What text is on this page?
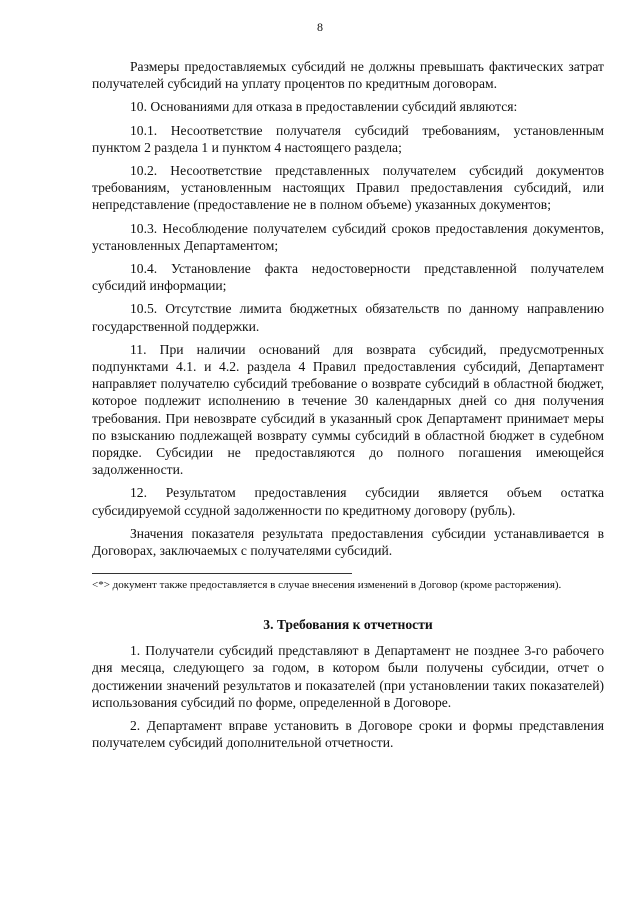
8

Размеры предоставляемых субсидий не должны превышать фактических затрат получателей субсидий на уплату процентов по кредитным договорам.

10. Основаниями для отказа в предоставлении субсидий являются:

10.1. Несоответствие получателя субсидий требованиям, установленным пунктом 2 раздела 1 и пунктом 4 настоящего раздела;

10.2. Несоответствие представленных получателем субсидий документов требованиям, установленным настоящих Правил предоставления субсидий, или непредставление (предоставление не в полном объеме) указанных документов;

10.3. Несоблюдение получателем субсидий сроков предоставления документов, установленных Департаментом;

10.4. Установление факта недостоверности представленной получателем субсидий информации;

10.5. Отсутствие лимита бюджетных обязательств по данному направлению государственной поддержки.

11. При наличии оснований для возврата субсидий, предусмотренных подпунктами 4.1. и 4.2. раздела 4 Правил предоставления субсидий, Департамент направляет получателю субсидий требование о возврате субсидий в областной бюджет, которое подлежит исполнению в течение 30 календарных дней со дня получения требования. При невозврате субсидий в указанный срок Департамент принимает меры по взысканию подлежащей возврату суммы субсидий в областной бюджет в судебном порядке. Субсидии не предоставляются до полного погашения имеющейся задолженности.

12. Результатом предоставления субсидии является объем остатка субсидируемой ссудной задолженности по кредитному договору (рубль).

Значения показателя результата предоставления субсидии устанавливается в Договорах, заключаемых с получателями субсидий.

<*> документ также предоставляется в случае внесения изменений в Договор (кроме расторжения).

3. Требования к отчетности

1. Получатели субсидий представляют в Департамент не позднее 3-го рабочего дня месяца, следующего за годом, в котором были получены субсидии, отчет о достижении значений результатов и показателей (при установлении таких показателей) использования субсидий по форме, определенной в Договоре.

2. Департамент вправе установить в Договоре сроки и формы представления получателем субсидий дополнительной отчетности.
